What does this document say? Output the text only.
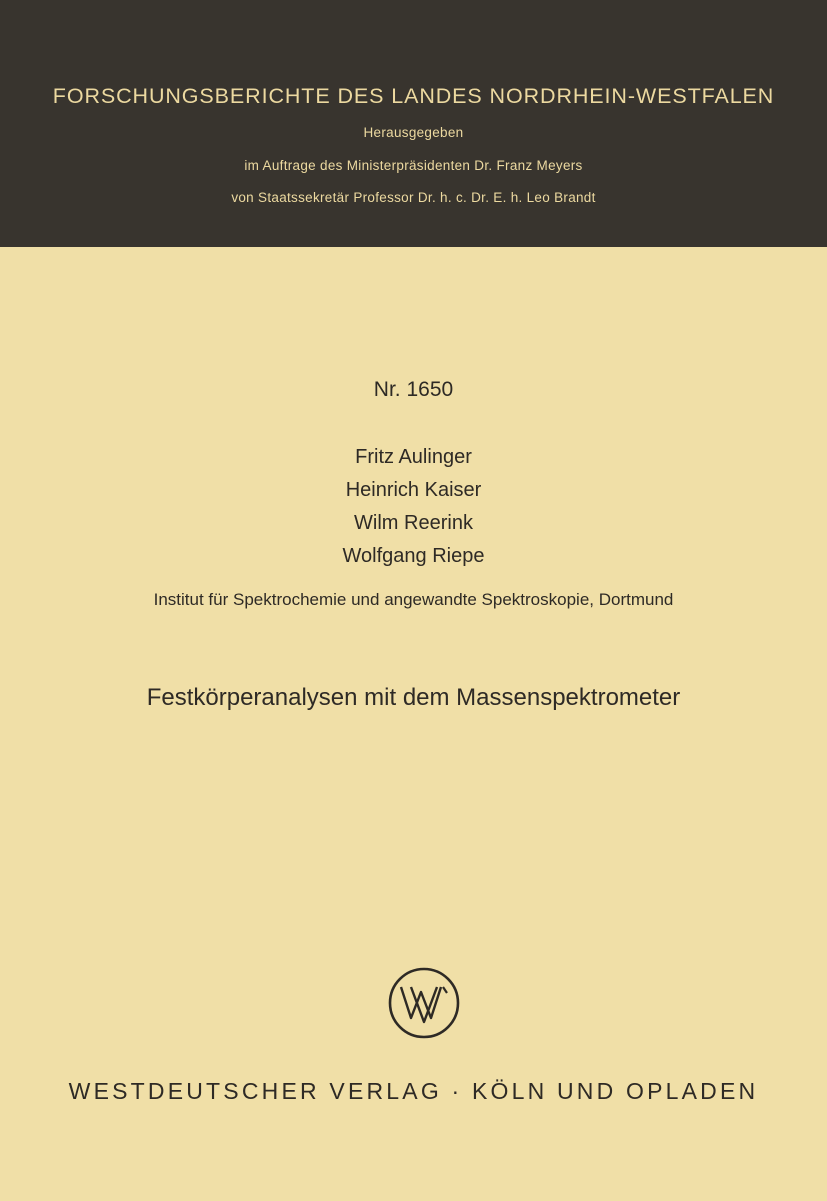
FORSCHUNGSBERICHTE DES LANDES NORDRHEIN-WESTFALEN
Herausgegeben
im Auftrage des Ministerpräsidenten Dr. Franz Meyers
von Staatssekretär Professor Dr. h. c. Dr. E. h. Leo Brandt
Nr. 1650
Fritz Aulinger
Heinrich Kaiser
Wilm Reerink
Wolfgang Riepe
Institut für Spektrochemie und angewandte Spektroskopie, Dortmund
Festkörperanalysen mit dem Massenspektrometer
WESTDEUTSCHER VERLAG · KÖLN UND OPLADEN
